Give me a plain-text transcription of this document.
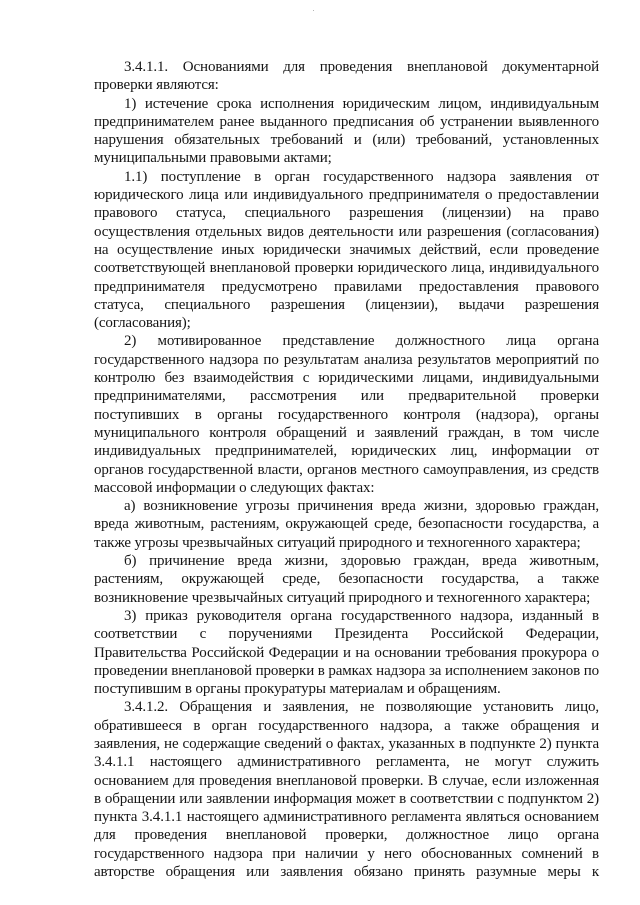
3.4.1.1. Основаниями для проведения внеплановой документарной проверки являются:

1) истечение срока исполнения юридическим лицом, индивидуальным предпринимателем ранее выданного предписания об устранении выявленного нарушения обязательных требований и (или) требований, установленных муниципальными правовыми актами;

1.1) поступление в орган государственного надзора заявления от юридического лица или индивидуального предпринимателя о предоставлении правового статуса, специального разрешения (лицензии) на право осуществления отдельных видов деятельности или разрешения (согласования) на осуществление иных юридически значимых действий, если проведение соответствующей внеплановой проверки юридического лица, индивидуального предпринимателя предусмотрено правилами предоставления правового статуса, специального разрешения (лицензии), выдачи разрешения (согласования);

2) мотивированное представление должностного лица органа государственного надзора по результатам анализа результатов мероприятий по контролю без взаимодействия с юридическими лицами, индивидуальными предпринимателями, рассмотрения или предварительной проверки поступивших в органы государственного контроля (надзора), органы муниципального контроля обращений и заявлений граждан, в том числе индивидуальных предпринимателей, юридических лиц, информации от органов государственной власти, органов местного самоуправления, из средств массовой информации о следующих фактах:

а) возникновение угрозы причинения вреда жизни, здоровью граждан, вреда животным, растениям, окружающей среде, безопасности государства, а также угрозы чрезвычайных ситуаций природного и техногенного характера;

б) причинение вреда жизни, здоровью граждан, вреда животным, растениям, окружающей среде, безопасности государства, а также возникновение чрезвычайных ситуаций природного и техногенного характера;

3) приказ руководителя органа государственного надзора, изданный в соответствии с поручениями Президента Российской Федерации, Правительства Российской Федерации и на основании требования прокурора о проведении внеплановой проверки в рамках надзора за исполнением законов по поступившим в органы прокуратуры материалам и обращениям.

3.4.1.2. Обращения и заявления, не позволяющие установить лицо, обратившееся в орган государственного надзора, а также обращения и заявления, не содержащие сведений о фактах, указанных в подпункте 2) пункта 3.4.1.1 настоящего административного регламента, не могут служить основанием для проведения внеплановой проверки. В случае, если изложенная в обращении или заявлении информация может в соответствии с подпунктом 2) пункта 3.4.1.1 настоящего административного регламента являться основанием для проведения внеплановой проверки, должностное лицо органа государственного надзора при наличии у него обоснованных сомнений в авторстве обращения или заявления обязано принять разумные меры к
